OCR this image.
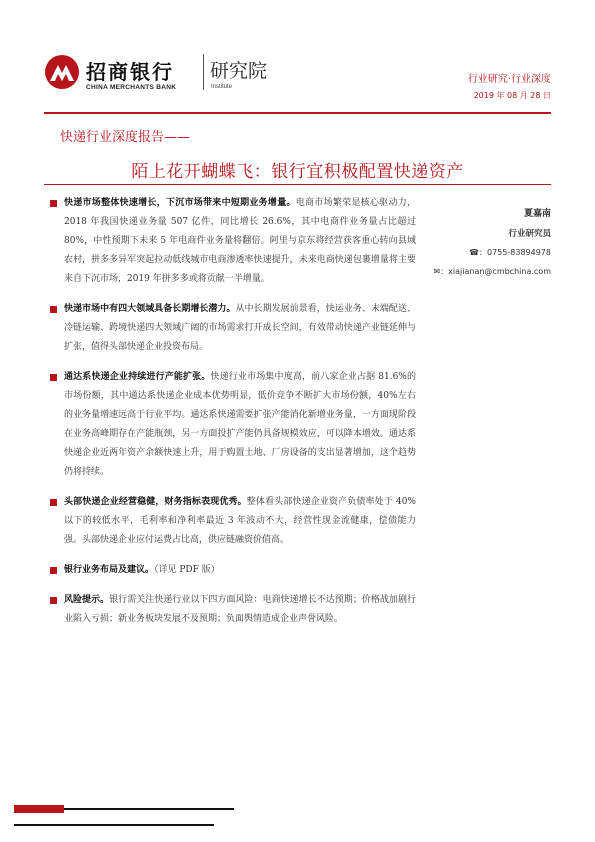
招商银行
CHINA MERCHANTS BANK
研究院
Institute
行业研究·行业深度
2019 年 08 月 28 日
快递行业深度报告——
陌上花开蝴蝶飞：银行宜积极配置快递资产

快递市场整体快速增长，下沉市场带来中短期业务增量。电商市场繁荣是核心驱动力，2018 年我国快递业务量 507 亿件，同比增长 26.6%，其中电商件业务量占比超过 80%，中性预期下未来 5 年电商件业务量将翻倍。阿里与京东将经营获客重心转向县域农村，拼多多异军突起拉动低线城市电商渗透率快速提升，未来电商快递包裹增量将主要来自下沉市场，2019 年拼多多或将贡献一半增量。

快递市场中有四大领域具备长期增长潜力。从中长期发展前景看，快运业务、末端配送、冷链运输、跨境快递四大领域广阔的市场需求打开成长空间，有效带动快递产业链延伸与扩张，值得头部快递企业投资布局。

通达系快递企业持续进行产能扩张。快递行业市场集中度高，前八家企业占据 81.6%的市场份额，其中通达系快递企业成本优势明显，低价竞争不断扩大市场份额，40%左右的业务量增速远高于行业平均。通达系快递需要扩张产能消化新增业务量，一方面现阶段在业务高峰期存在产能瓶颈，另一方面投扩产能仍具备规模效应，可以降本增效。通达系快递企业近两年资产余额快速上升，用于购置土地、厂房设备的支出显著增加，这个趋势仍将持续。

头部快递企业经营稳健，财务指标表现优秀。整体看头部快递企业资产负债率处于 40%以下的较低水平，毛利率和净利率最近 3 年波动不大，经营性现金流健康，偿债能力强。头部快递企业应付运费占比高，供应链融资价值高。

银行业务布局及建议。（详见 PDF 版）

风险提示。银行需关注快递行业以下四方面风险：电商快递增长不达预期；价格战加剧行业陷入亏损；新业务板块发展不及预期；负面舆情造成企业声誉风险。

夏嘉南
行业研究员
☎：0755-83894978
✉：xiajianan@cmbchina.com
